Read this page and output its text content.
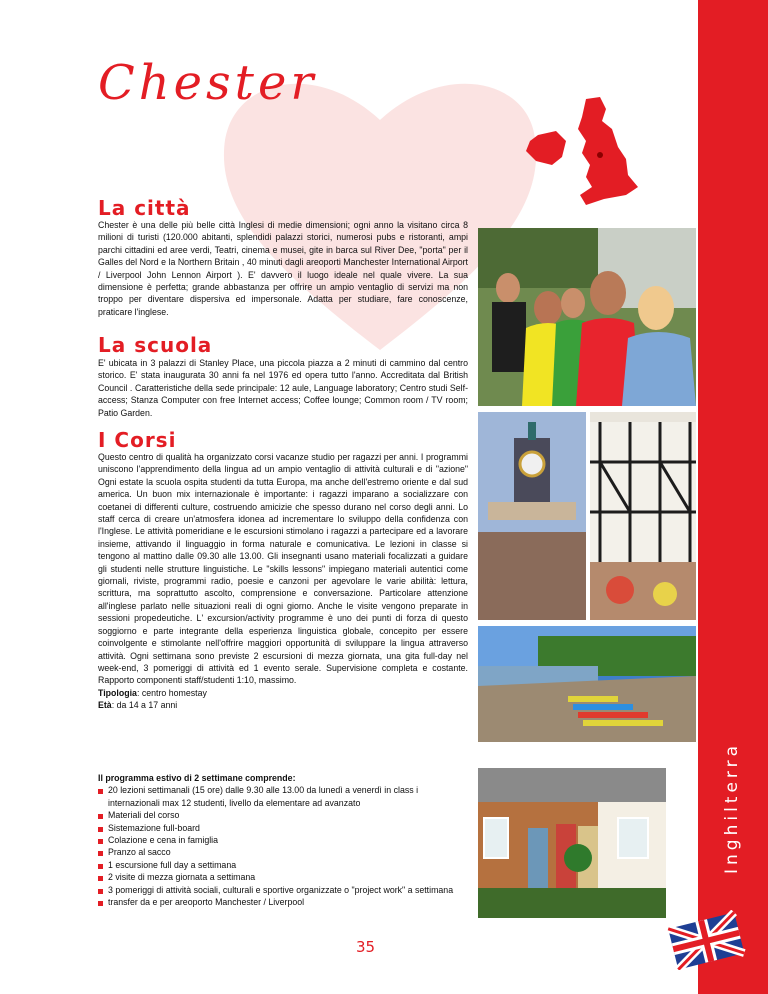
Inghilterra
Chester
La città

Chester è una delle più belle città Inglesi di medie dimensioni; ogni anno la visitano circa 8 milioni di turisti (120.000 abitanti, splendidi palazzi storici, numerosi pubs e ristoranti, ampi parchi cittadini ed aree verdi, Teatri, cinema e musei, gite in barca sul River Dee, "porta" per il Galles del Nord e la Northern Britain , 40 minuti dagli areoporti Manchester International Airport / Liverpool John Lennon Airport ). E' davvero il luogo ideale nel quale vivere. La sua dimensione è perfetta; grande abbastanza per offrire un ampio ventaglio di servizi ma non troppo per diventare dispersiva ed impersonale. Adatta per studiare, fare conoscenze, praticare l'inglese.

La scuola

E' ubicata in 3 palazzi di Stanley Place, una piccola piazza a 2 minuti di cammino dal centro storico. E' stata inaugurata 30 anni fa nel 1976 ed opera tutto l'anno. Accreditata dal British Council . Caratteristiche della sede principale: 12 aule, Language laboratory; Centro studi Self-access; Stanza Computer con free Internet access; Coffee lounge; Common room / TV room; Patio Garden.

I Corsi

Questo centro di qualità ha organizzato corsi vacanze studio per ragazzi per anni. I programmi uniscono l'apprendimento della lingua ad un ampio ventaglio di attività culturali e di "azione" Ogni estate la scuola ospita studenti da tutta Europa, ma anche dell'estremo oriente e dal sud america. Un buon mix internazionale è importante: i ragazzi imparano a socializzare con coetanei di differenti culture, costruendo amicizie che spesso durano nel corso degli anni. Lo staff cerca di creare un'atmosfera idonea ad incrementare lo sviluppo della confidenza con l'Inglese. Le attività pomeridiane e le escursioni stimolano i ragazzi a partecipare ed a lavorare insieme, attivando il linguaggio in forma naturale e comunicativa. Le lezioni in classe si tengono al mattino dalle 09.30 alle 13.00. Gli insegnanti usano materiali focalizzati a guidare gli studenti nelle strutture linguistiche. Le "skills lessons" impiegano materiali autentici come giornali, riviste, programmi radio, poesie e canzoni per agevolare le varie abilità: lettura, scrittura, ma soprattutto ascolto, comprensione e conversazione. Particolare attenzione all'inglese parlato nelle situazioni reali di ogni giorno. Anche le visite vengono preparate in sessioni propedeutiche. L' excursion/activity programme è uno dei punti di forza di questo soggiorno e parte integrante della esperienza linguistica globale, concepito per essere coinvolgente e stimolante nell'offrire maggiori opportunità di sviluppare la lingua attraverso attività. Ogni settimana sono previste 2 escursioni di mezza giornata, una gita full-day nel week-end, 3 pomeriggi di attività ed 1 evento serale. Supervisione completa e costante. Rapporto componenti staff/studenti 1:10, massimo.

Tipologia: centro homestay

Età: da 14 a 17 anni

Il programma estivo di 2 settimane comprende:
20 lezioni settimanali (15 ore) dalle 9.30 alle 13.00 da lunedì a venerdì in class i internazionali max 12 studenti, livello da elementare ad avanzato
Materiali del corso
Sistemazione full-board
Colazione e cena in famiglia
Pranzo al sacco
1 escursione full day a settimana
2 visite di mezza giornata a settimana
3 pomeriggi di attività sociali, culturali e sportive organizzate o "project work" a settimana
transfer da e per areoporto Manchester / Liverpool
35
